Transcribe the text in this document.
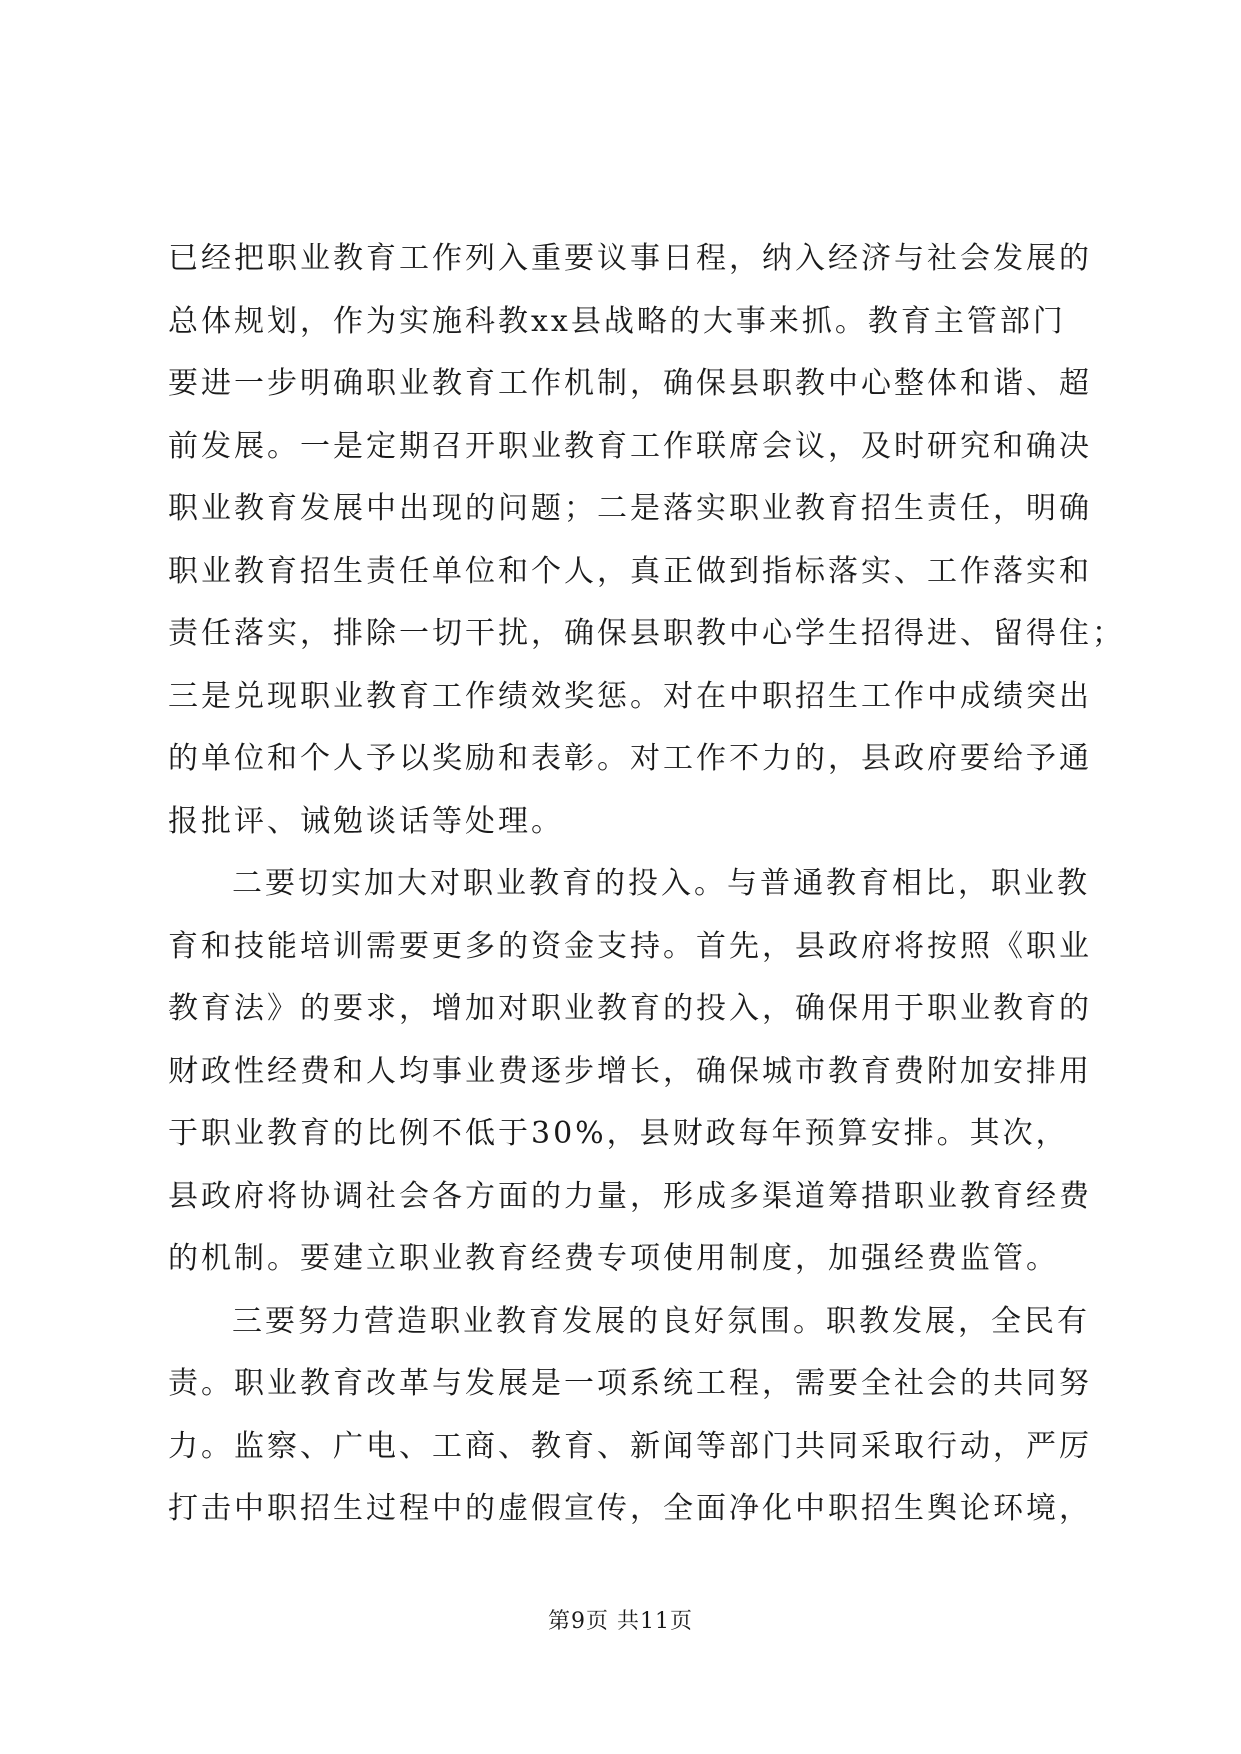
已经把职业教育工作列入重要议事日程，纳入经济与社会发展的
总体规划，作为实施科教xx县战略的大事来抓。教育主管部门
要进一步明确职业教育工作机制，确保县职教中心整体和谐、超
前发展。一是定期召开职业教育工作联席会议，及时研究和确决
职业教育发展中出现的问题；二是落实职业教育招生责任，明确
职业教育招生责任单位和个人，真正做到指标落实、工作落实和
责任落实，排除一切干扰，确保县职教中心学生招得进、留得住；
三是兑现职业教育工作绩效奖惩。对在中职招生工作中成绩突出
的单位和个人予以奖励和表彰。对工作不力的，县政府要给予通
报批评、诫勉谈话等处理。
二要切实加大对职业教育的投入。与普通教育相比，职业教
育和技能培训需要更多的资金支持。首先，县政府将按照《职业
教育法》的要求，增加对职业教育的投入，确保用于职业教育的
财政性经费和人均事业费逐步增长，确保城市教育费附加安排用
于职业教育的比例不低于30%，县财政每年预算安排。其次，
县政府将协调社会各方面的力量，形成多渠道筹措职业教育经费
的机制。要建立职业教育经费专项使用制度，加强经费监管。
三要努力营造职业教育发展的良好氛围。职教发展，全民有
责。职业教育改革与发展是一项系统工程，需要全社会的共同努
力。监察、广电、工商、教育、新闻等部门共同采取行动，严厉
打击中职招生过程中的虚假宣传，全面净化中职招生舆论环境，
第9页 共11页
